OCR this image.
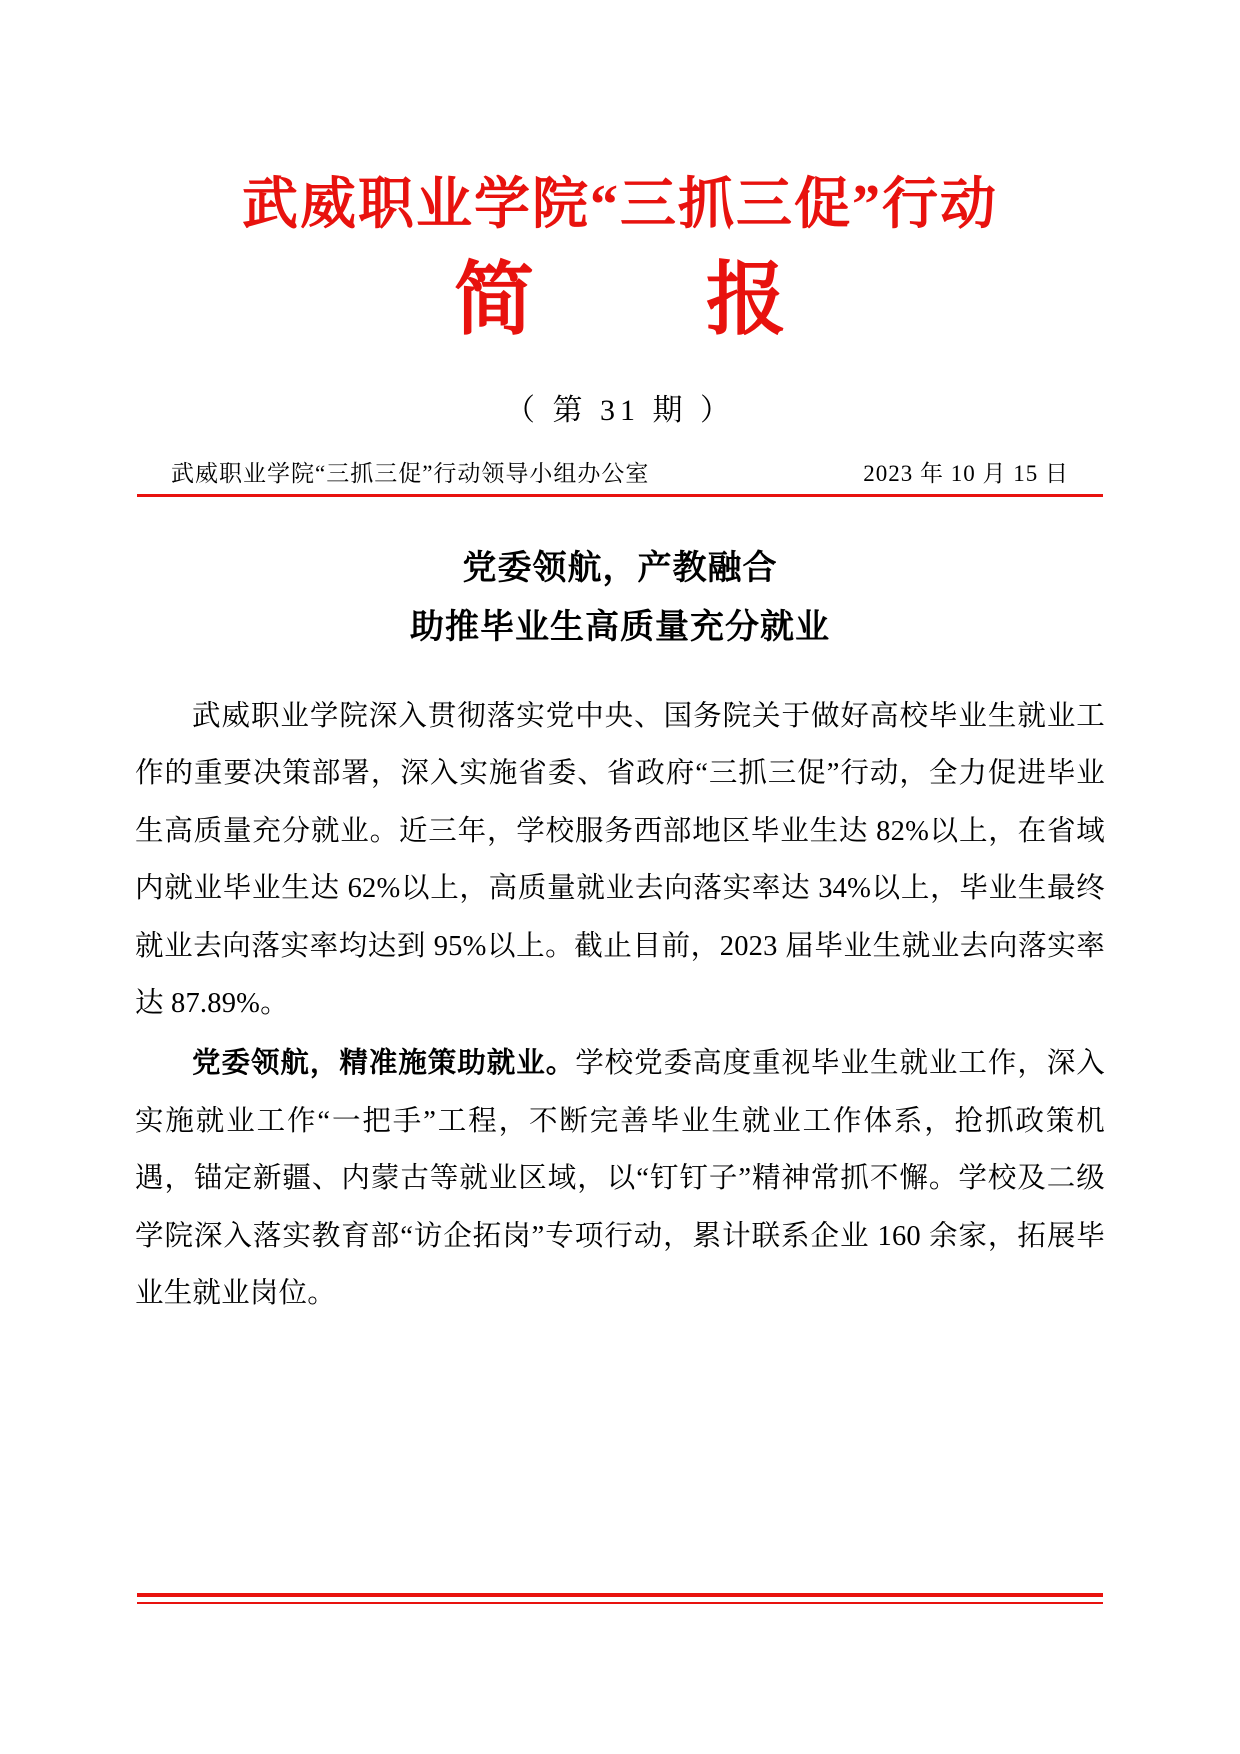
武威职业学院“三抓三促”行动
简　报
（ 第 31 期 ）
武威职业学院“三抓三促”行动领导小组办公室	2023 年 10 月 15 日
党委领航，产教融合
助推毕业生高质量充分就业

武威职业学院深入贯彻落实党中央、国务院关于做好高校毕业生就业工作的重要决策部署，深入实施省委、省政府“三抓三促”行动，全力促进毕业生高质量充分就业。近三年，学校服务西部地区毕业生达 82%以上，在省域内就业毕业生达 62%以上，高质量就业去向落实率达 34%以上，毕业生最终就业去向落实率均达到 95%以上。截止目前，2023 届毕业生就业去向落实率达 87.89%。

党委领航，精准施策助就业。学校党委高度重视毕业生就业工作，深入实施就业工作“一把手”工程，不断完善毕业生就业工作体系，抢抓政策机遇，锚定新疆、内蒙古等就业区域，以“钉钉子”精神常抓不懈。学校及二级学院深入落实教育部“访企拓岗”专项行动，累计联系企业 160 余家，拓展毕业生就业岗位。
